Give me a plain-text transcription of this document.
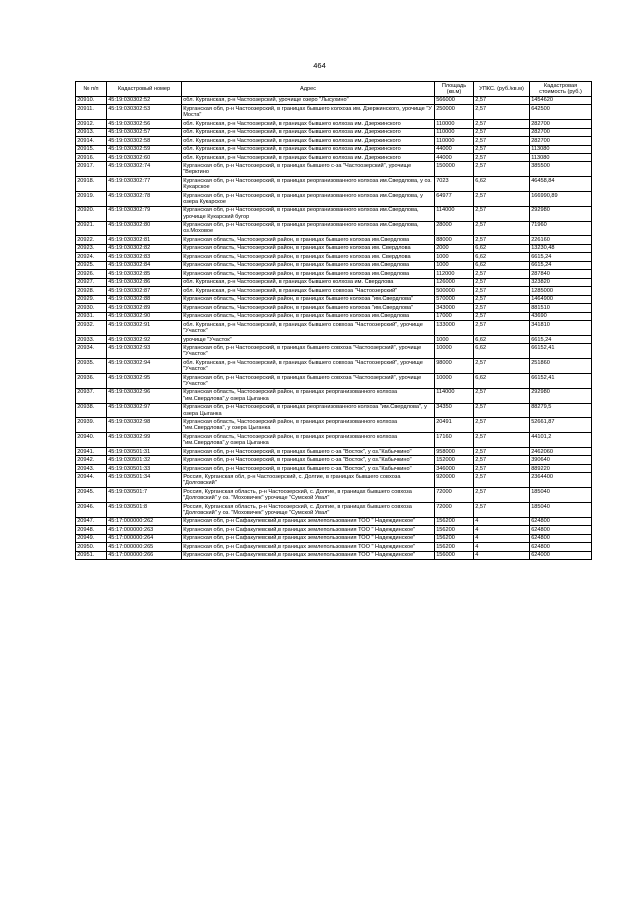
464
№ п/п	Кадастровый номер	Адрес	Площадь (кв.м)	УПКС. (руб./кв.м)	Кадастровая стоимость (руб.)
20910.	45:19:030302:52	обл. Курганская, р-н Частоозерский, урочище озеро "Лысухино"	566000	2,57	1454620
20911.	45:19:030302:53	Курганская обл, р-н Частоозерский, в границах бывшего колхоза им. Дзержинского, урочище "У Моста"	250000	2,57	642500
20912.	45:19:030302:56	обл. Курганская, р-н Частоозерский, в границах бывшего колхоза им. Дзержинского	110000	2,57	282700
20913.	45:19:030302:57	обл. Курганская, р-н Частоозерский, в границах бывшего колхоза им. Дзержинского	110000	2,57	282700
20914.	45:19:030302:58	обл. Курганская, р-н Частоозерский, в границах бывшего колхоза им. Дзержинского	110000	2,57	282700
20915.	45:19:030302:59	обл. Курганская, р-н Частоозерский, в границах бывшего колхоза им. Дзержинского	44000	2,57	113080
20916.	45:19:030302:60	обл. Курганская, р-н Частоозерский, в границах бывшего колхоза им. Дзержинского	44000	2,57	113080
20917.	45:19:030302:74	Курганская обл, р-н Частоозерский, в границах бывшего с-за "Частоозерский", урочище "Веркгино	150000	2,57	385500
20918.	45:19:030302:77	Курганская обл, р-н Частоозерский, в границах реорганизованного колхоза им.Свердлова, у оз. Кукарское	7023	6,62	46458,84
20919.	45:19:030302:78	Курганская обл, р-н Частоозерский, в границах реорганизованного колхоза им.Свердлова, у озера Кукарское	64977	2,57	166990,89
20920.	45:19:030302:79	Курганская обл, р-н Частоозерский, в границах реорганизованного колхоза им.Свердлова, урочище Кукарский бугор	114000	2,57	292980
20921.	45:19:030302:80	Курганская обл, р-н Частоозерский, в границах реорганизованного колхоза им.Свердлова, оз.Моховое	28000	2,57	71960
20922.	45:19:030302:81	Курганская область, Частоозерский район, в границах бывшего колхоза им.Свердлова	88000	2,57	226160
20923.	45:19:030302:82	Курганская область, Частоозерский район, в границах бывшего колхоза им. Свердлова	2000	6,62	13230,48
20924.	45:19:030302:83	Курганская область, Частоозерский район, в границах бывшего колхоза им. Свердлова	1000	6,62	6615,24
20925.	45:19:030302:84	Курганская область, Частоозерский район, в границах бывшего колхоза им.Свердлова	1000	6,62	6615,24
20926.	45:19:030302:85	Курганская область, Частоозерский район, в границах бывшего колхоза им.Свердлова	112000	2,57	287840
20927.	45:19:030302:86	обл. Курганская, р-н Частоозерский, в границах бывшего колхоза им. Свердлова	126000	2,57	323820
20928.	45:19:030302:87	обл. Курганская, р-н Частоозерский, в границах бывшего совхоза "Частоозерский"	500000	2,57	1285000
20929.	45:19:030302:88	Курганская область, Частоозерский район, в границах бывшего колхоза "им.Свердлова"	570000	2,57	1464900
20930.	45:19:030302:89	Курганская область, Частоозерский район, в границах бывшего колхоза "им.Свердлова"	343000	2,57	881510
20931.	45:19:030302:90	Курганская область, Частоозерский район, в границах бывшего колхоза им.Свердлова	17000	2,57	43690
20932.	45:19:030302:91	обл. Курганская, р-н Частоозерский, в границах бывшего совхоза "Частоозерский", урочище "Участок"	133000	2,57	341810
20933.	45:19:030302:92	урочище "Участок"	1000	6,62	6615,24
20934.	45:19:030302:93	Курганская обл, р-н Частоозерский, в границах бывшего совхоза "Частоозерский", урочище "Участок"	10000	6,62	66152,41
20935.	45:19:030302:94	обл. Курганская, р-н Частоозерский, в границах бывшего совхоза "Частоозерский", урочище "Участок"	98000	2,57	251860
20936.	45:19:030302:95	Курганская обл, р-н Частоозерский, в границах бывшего совхоза "Частоозерский", урочище "Участок"	10000	6,62	66152,41
20937.	45:19:030302:96	Курганская область, Частоозерский район, в границах реорганизованного колхоза "им.Свердлова",у озера Цыганка	114000	2,57	292980
20938.	45:19:030302:97	Курганская обл, р-н Частоозерский, в границах реорганизованного колхоза "им.Свердлова", у озера Цыганка	34350	2,57	88279,5
20939.	45:19:030302:98	Курганская область, Частоозерский район, в границах реорганизованного колхоза "им.Свердлова", у озера Цыганка	20491	2,57	52661,87
20940.	45:19:030302:99	Курганская область, Частоозерский район, в границах реорганизованного колхоза "им.Свердлова",у озера Цыганка	17160	2,57	44101,2
20941.	45:19:030501:31	Курганская обл, р-н Частоозерский, в границах бывшего с-за "Восток", у оз."Кабычкино"	958000	2,57	2462060
20942.	45:19:030501:32	Курганская обл, р-н Частоозерский, в границах бывшего с-за "Восток", у оз."Кабычкино"	152000	2,57	390640
20943.	45:19:030501:33	Курганская обл, р-н Частоозерский, в границах бывшего с-за "Восток", у оз."Кабычкино"	346000	2,57	889220
20944.	45:19:030501:34	Россия, Курганская обл, р-н Частоозерский, с. Долгие, в границах бывшего совхоза "Долговский"	920000	2,57	2364400
20945.	45:19:030501:7	Россия, Курганская область, р-н Частоозерский, с. Долгие, в границах бывшего совхоза "Долговский" у оз. "Моховичек" урочище "Сумской Увал"	72000	2,57	185040
20946.	45:19:030501:8	Россия, Курганская область, р-н Частоозерский, с. Долгие, в границах бывшего совхоза "Долговский" у оз. "Моховичек" урочище "Сумской Увал"	72000	2,57	185040
20947.	45:17:000000:262	Курганская обл, р-н Сафакулевский,в границах землепользования ТОО " Надеждинское"	156200	4	624800
20948.	45:17:000000:263	Курганская обл, р-н Сафакулевский,в границах землепользования ТОО " Надеждинское"	156200	4	624800
20949.	45:17:000000:264	Курганская обл, р-н Сафакулевский,в границах землепользования ТОО " Надеждинское"	156200	4	624800
20950.	45:17:000000:265	Курганская обл, р-н Сафакулевский,в границах землепользования ТОО " Надеждинское"	156200	4	624800
20951.	45:17:000000:266	Курганская обл, р-н Сафакулевский,в границах землепользования ТОО " Надеждинское"	156000	4	624000
